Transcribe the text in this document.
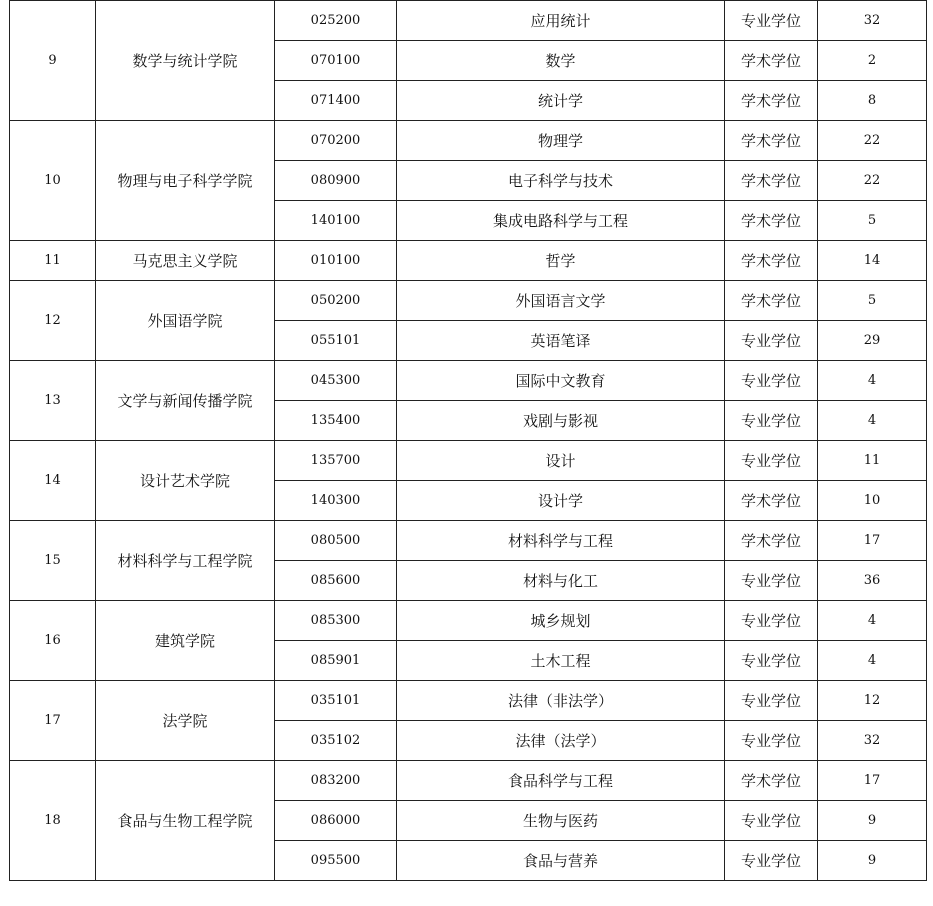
9	数学与统计学院	025200	应用统计	专业学位	32
		070100	数学	学术学位	2
		071400	统计学	学术学位	8
10	物理与电子科学学院	070200	物理学	学术学位	22
		080900	电子科学与技术	学术学位	22
		140100	集成电路科学与工程	学术学位	5
11	马克思主义学院	010100	哲学	学术学位	14
12	外国语学院	050200	外国语言文学	学术学位	5
		055101	英语笔译	专业学位	29
13	文学与新闻传播学院	045300	国际中文教育	专业学位	4
		135400	戏剧与影视	专业学位	4
14	设计艺术学院	135700	设计	专业学位	11
		140300	设计学	学术学位	10
15	材料科学与工程学院	080500	材料科学与工程	学术学位	17
		085600	材料与化工	专业学位	36
16	建筑学院	085300	城乡规划	专业学位	4
		085901	土木工程	专业学位	4
17	法学院	035101	法律（非法学）	专业学位	12
		035102	法律（法学）	专业学位	32
18	食品与生物工程学院	083200	食品科学与工程	学术学位	17
		086000	生物与医药	专业学位	9
		095500	食品与营养	专业学位	9
